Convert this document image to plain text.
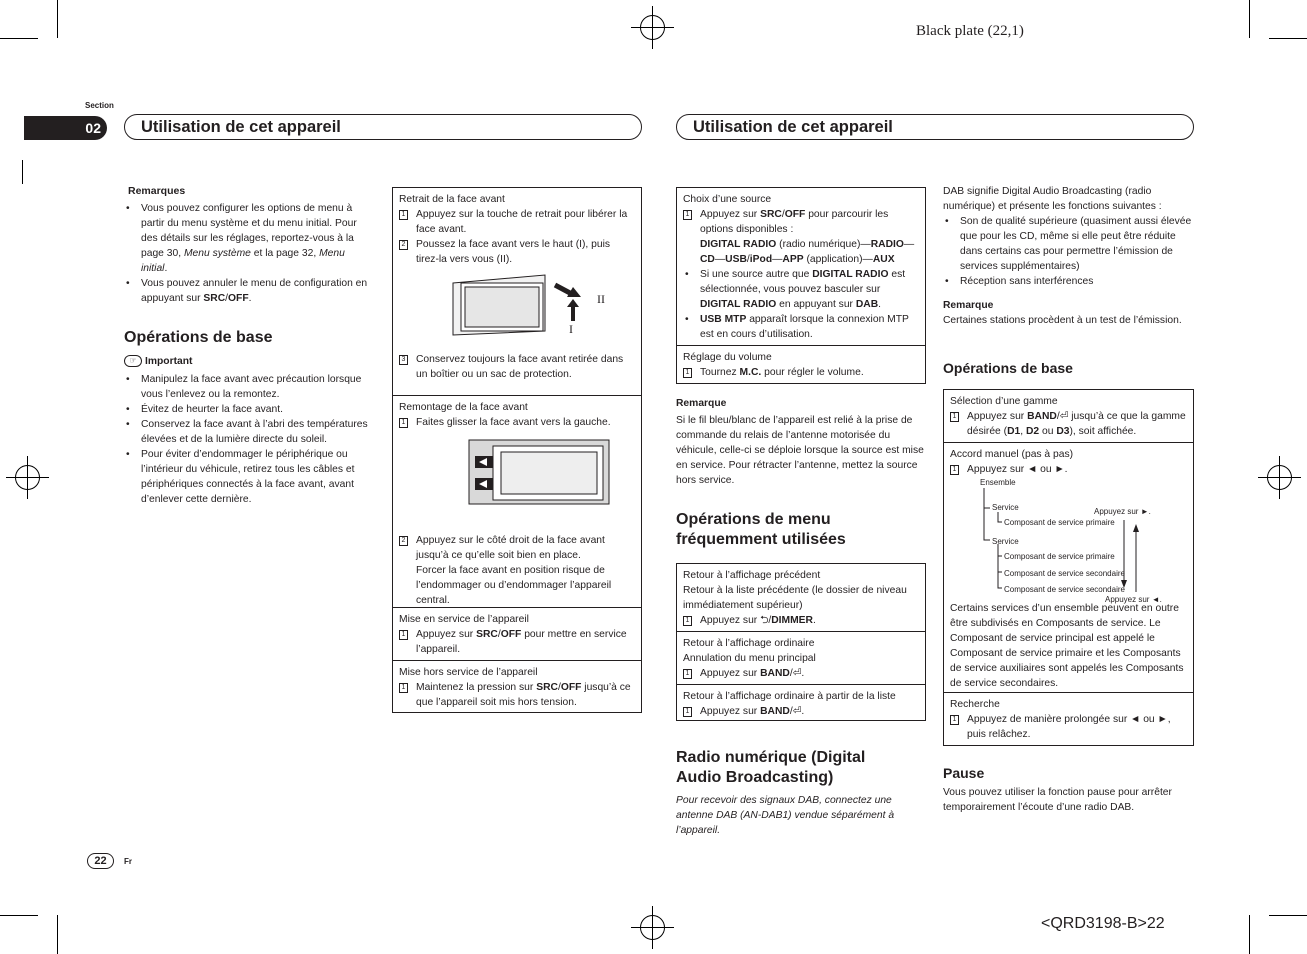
Black plate (22,1)
<QRD3198-B>22
Section
02	Utilisation de cet appareil	Utilisation de cet appareil
Remarques
• Vous pouvez configurer les options de menu à partir du menu système et du menu initial. Pour des détails sur les réglages, reportez-vous à la page 30, Menu système et la page 32, Menu initial.
• Vous pouvez annuler le menu de configuration en appuyant sur SRC/OFF.
Opérations de base
☞ Important
• Manipulez la face avant avec précaution lorsque vous l’enlevez ou la remontez.
• Évitez de heurter la face avant.
• Conservez la face avant à l’abri des températures élevées et de la lumière directe du soleil.
• Pour éviter d’endommager le périphérique ou l’intérieur du véhicule, retirez tous les câbles et périphériques connectés à la face avant, avant d’enlever cette dernière.
Retrait de la face avant
1 Appuyez sur la touche de retrait pour libérer la face avant.
2 Poussez la face avant vers le haut (I), puis tirez-la vers vous (II).
II
I
3 Conservez toujours la face avant retirée dans un boîtier ou un sac de protection.
Remontage de la face avant
1 Faites glisser la face avant vers la gauche.
2 Appuyez sur le côté droit de la face avant jusqu’à ce qu’elle soit bien en place.
Forcer la face avant en position risque de l’endommager ou d’endommager l’appareil central.
Mise en service de l’appareil
1 Appuyez sur SRC/OFF pour mettre en service l’appareil.
Mise hors service de l’appareil
1 Maintenez la pression sur SRC/OFF jusqu’à ce que l’appareil soit mis hors tension.
Choix d’une source
1 Appuyez sur SRC/OFF pour parcourir les options disponibles :
DIGITAL RADIO (radio numérique)—RADIO—CD—USB/iPod—APP (application)—AUX
• Si une source autre que DIGITAL RADIO est sélectionnée, vous pouvez basculer sur DIGITAL RADIO en appuyant sur DAB.
• USB MTP apparaît lorsque la connexion MTP est en cours d’utilisation.
Réglage du volume
1 Tournez M.C. pour régler le volume.
Remarque
Si le fil bleu/blanc de l’appareil est relié à la prise de commande du relais de l’antenne motorisée du véhicule, celle-ci se déploie lorsque la source est mise en service. Pour rétracter l’antenne, mettez la source hors service.
Opérations de menu fréquemment utilisées
Retour à l’affichage précédent
Retour à la liste précédente (le dossier de niveau immédiatement supérieur)
1 Appuyez sur ⮌/DIMMER.
Retour à l’affichage ordinaire
Annulation du menu principal
1 Appuyez sur BAND/⏎.
Retour à l’affichage ordinaire à partir de la liste
1 Appuyez sur BAND/⏎.
Radio numérique (Digital Audio Broadcasting)
Pour recevoir des signaux DAB, connectez une antenne DAB (AN-DAB1) vendue séparément à l’appareil.
DAB signifie Digital Audio Broadcasting (radio numérique) et présente les fonctions suivantes :
• Son de qualité supérieure (quasiment aussi élevée que pour les CD, même si elle peut être réduite dans certains cas pour permettre l’émission de services supplémentaires)
• Réception sans interférences
Remarque
Certaines stations procèdent à un test de l’émission.
Opérations de base
Sélection d’une gamme
1 Appuyez sur BAND/⏎ jusqu’à ce que la gamme désirée (D1, D2 ou D3), soit affichée.
Accord manuel (pas à pas)
1 Appuyez sur ◄ ou ►.
Ensemble
Service
Composant de service primaire
Service
Composant de service primaire
Composant de service secondaire
Composant de service secondaire
Appuyez sur ►.
Appuyez sur ◄.
Certains services d’un ensemble peuvent en outre être subdivisés en Composants de service. Le Composant de service principal est appelé le Composant de service primaire et les Composants de service auxiliaires sont appelés les Composants de service secondaires.
Recherche
1 Appuyez de manière prolongée sur ◄ ou ►, puis relâchez.
Pause
Vous pouvez utiliser la fonction pause pour arrêter temporairement l’écoute d’une radio DAB.
22	Fr
